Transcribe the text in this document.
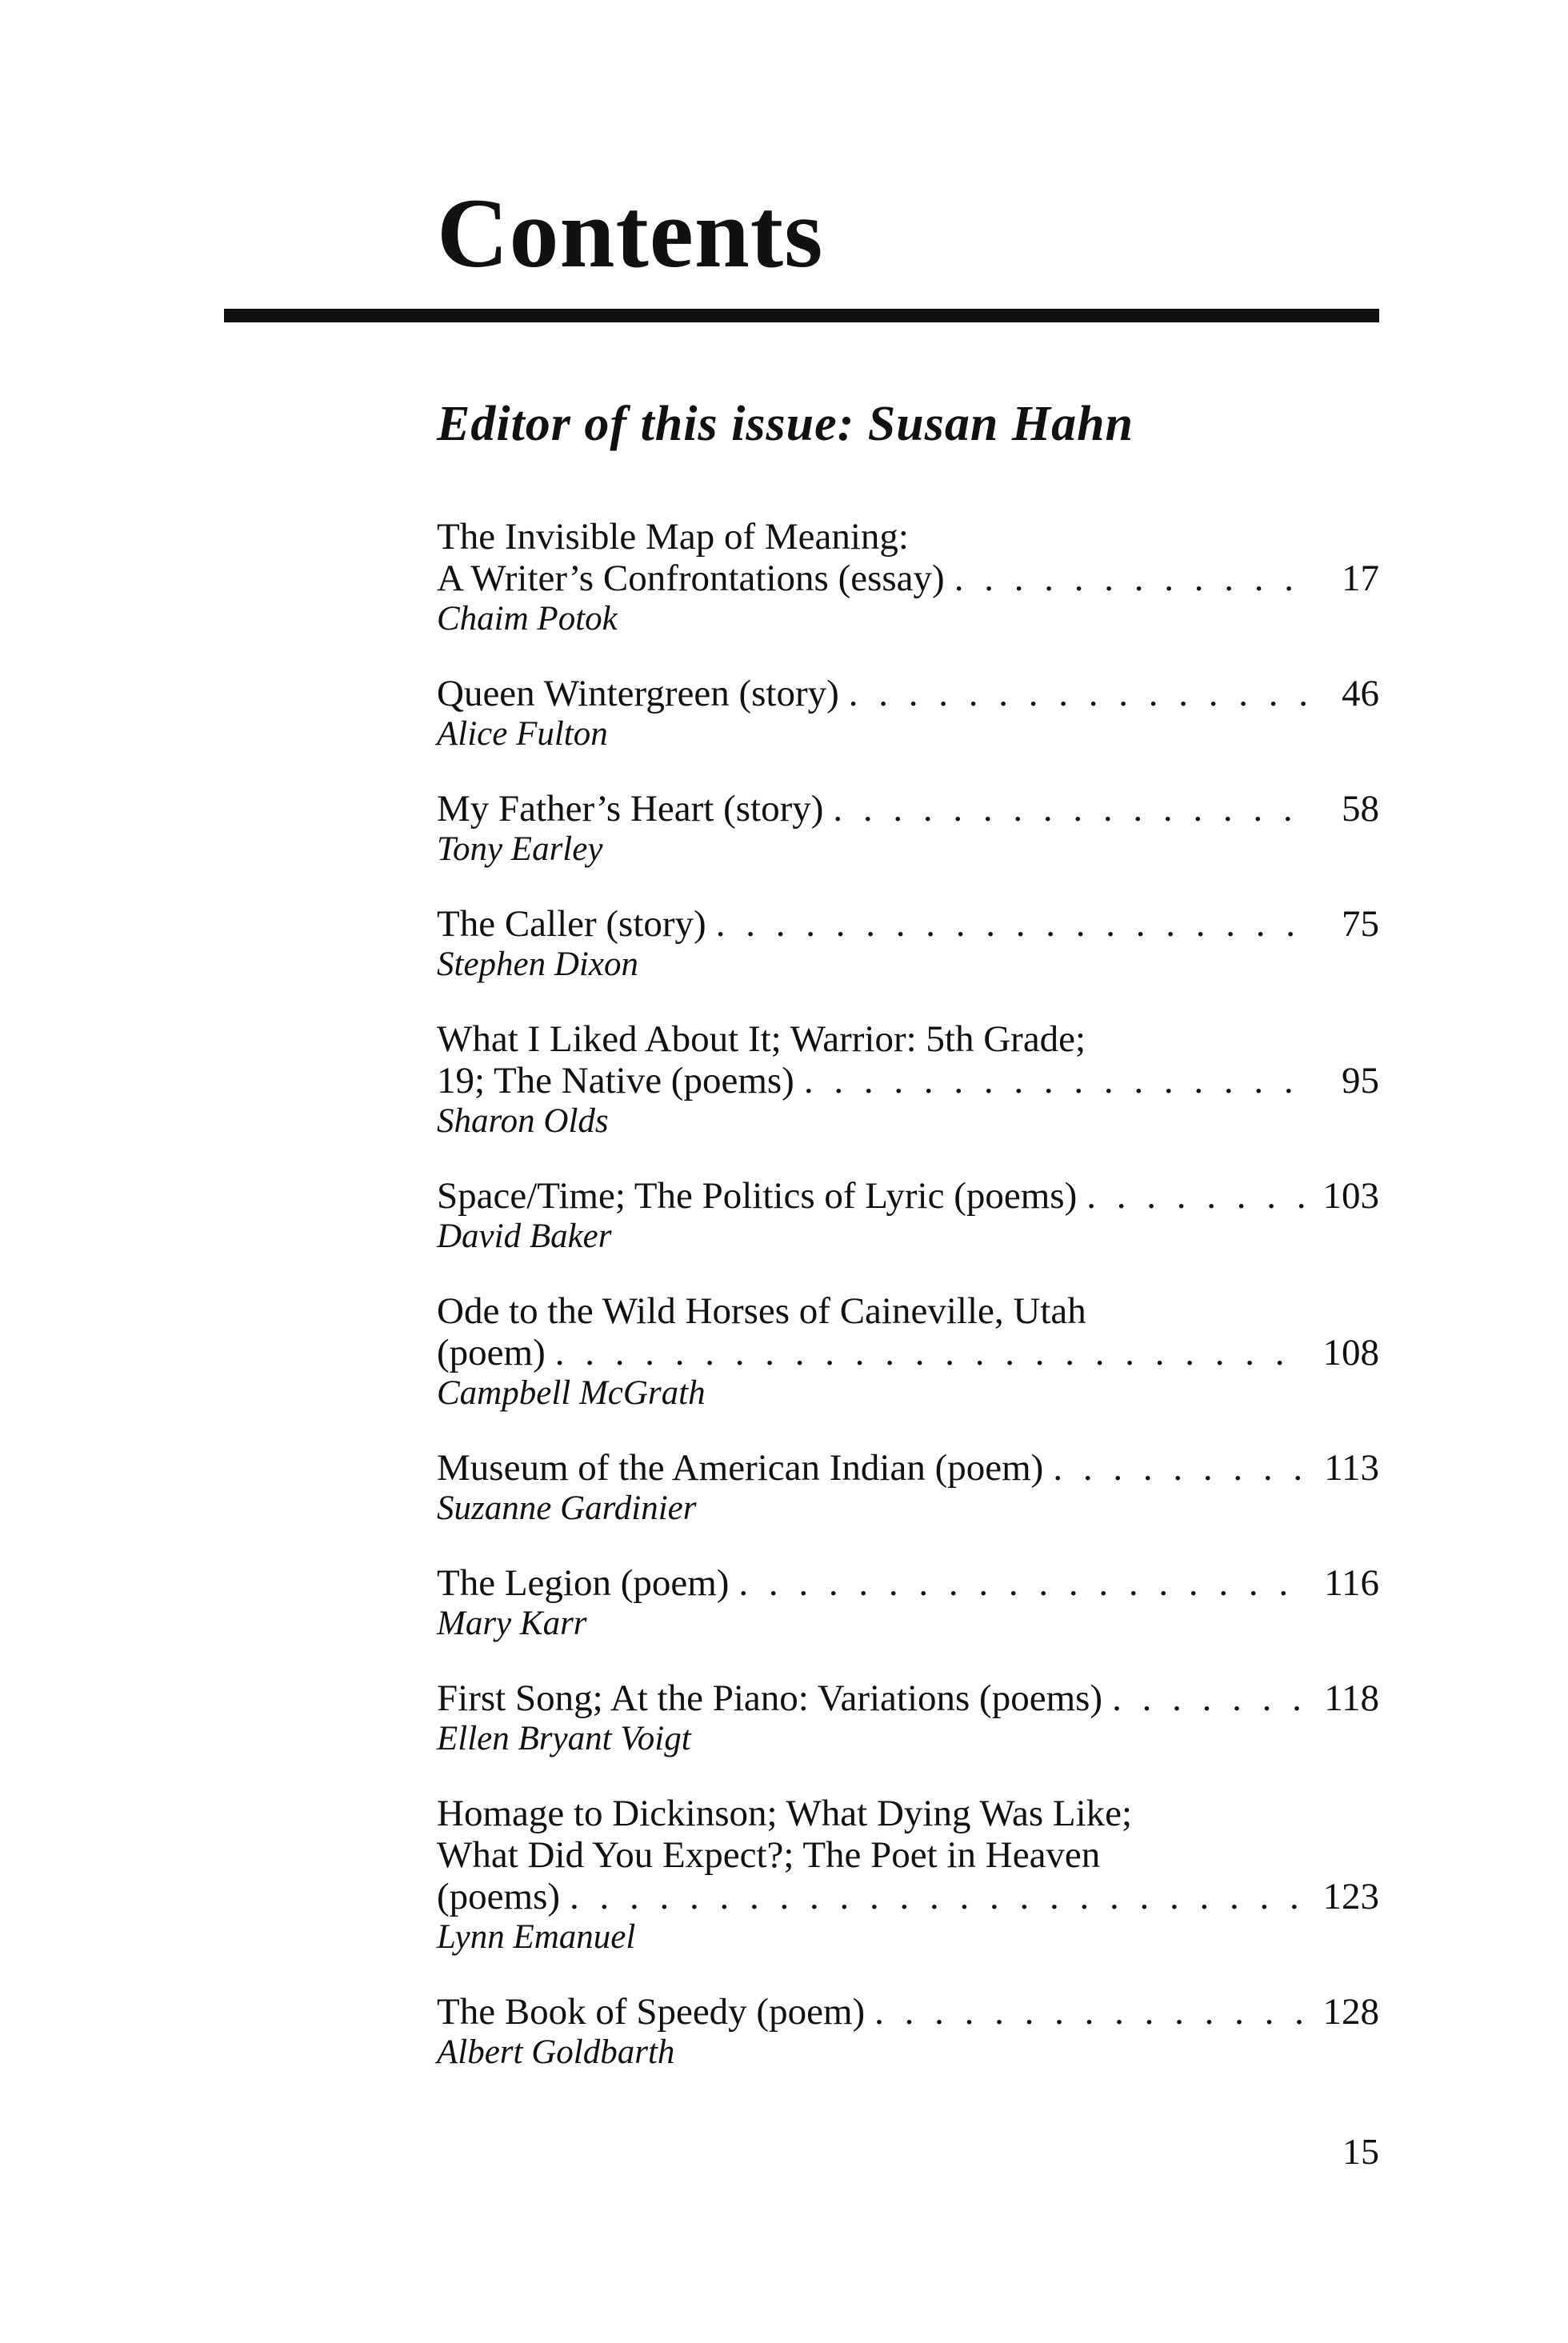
Contents
Editor of this issue: Susan Hahn
The Invisible Map of Meaning:
A Writer’s Confrontations (essay) . . .	17
Chaim Potok
Queen Wintergreen (story) . . .	46
Alice Fulton
My Father’s Heart (story) . . .	58
Tony Earley
The Caller (story) . . .	75
Stephen Dixon
What I Liked About It; Warrior: 5th Grade;
19; The Native (poems) . . .	95
Sharon Olds
Space/Time; The Politics of Lyric (poems) . . .	103
David Baker
Ode to the Wild Horses of Caineville, Utah
(poem) . . .	108
Campbell McGrath
Museum of the American Indian (poem) . . .	113
Suzanne Gardinier
The Legion (poem) . . .	116
Mary Karr
First Song; At the Piano: Variations (poems) . . .	118
Ellen Bryant Voigt
Homage to Dickinson; What Dying Was Like;
What Did You Expect?; The Poet in Heaven
(poems) . . .	123
Lynn Emanuel
The Book of Speedy (poem) . . .	128
Albert Goldbarth
15
